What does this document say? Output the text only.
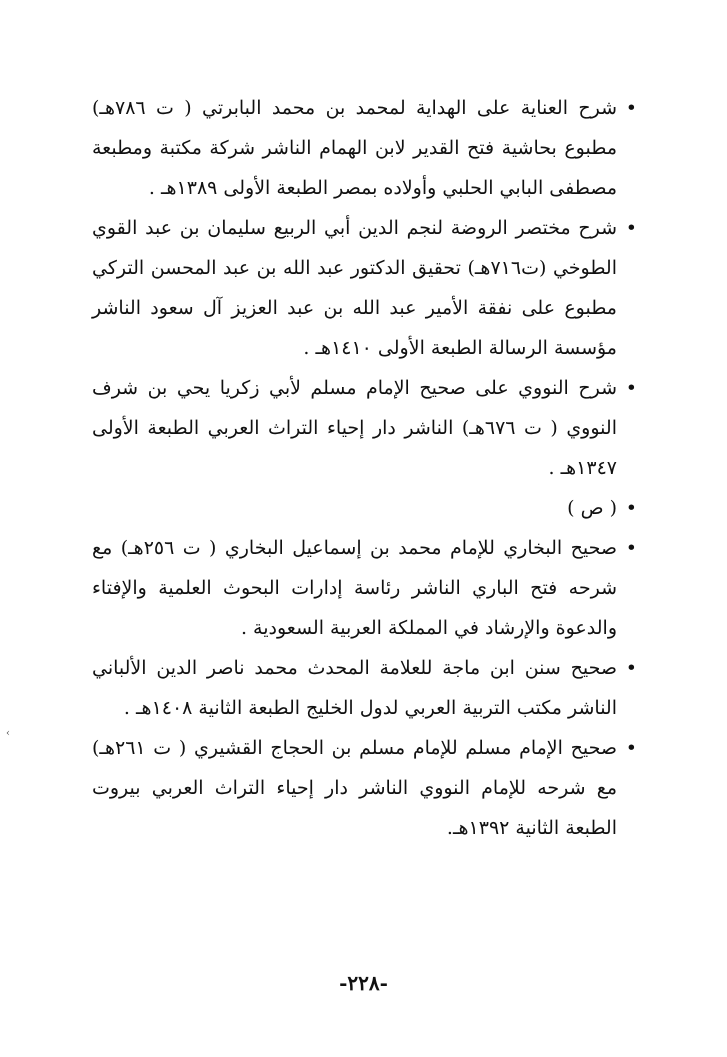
•
شرح العناية على الهداية لمحمد بن محمد البابرتي ( ت ٧٨٦هـ) مطبوع بحاشية فتح القدير لابن الهمام الناشر شركة مكتبة ومطبعة مصطفى البابي الحلبي وأولاده بمصر الطبعة الأولى ١٣٨٩هـ .

•
شرح مختصر الروضة لنجم الدين أبي الربيع سليمان بن عبد القوي الطوخي (ت٧١٦هـ) تحقيق الدكتور عبد الله بن عبد المحسن التركي مطبوع على نفقة الأمير عبد الله بن عبد العزيز آل سعود الناشر مؤسسة الرسالة الطبعة الأولى ١٤١٠هـ .

•
شرح النووي على صحيح الإمام مسلم لأبي زكريا يحي بن شرف النووي ( ت ٦٧٦هـ) الناشر دار إحياء التراث العربي الطبعة الأولى ١٣٤٧هـ .

•
( ص )

•
صحيح البخاري للإمام محمد بن إسماعيل البخاري ( ت ٢٥٦هـ) مع شرحه فتح الباري الناشر رئاسة إدارات البحوث العلمية والإفتاء والدعوة والإرشاد في المملكة العربية السعودية .

•
صحيح سنن ابن ماجة للعلامة المحدث محمد ناصر الدين الألباني الناشر مكتب التربية العربي لدول الخليج الطبعة الثانية ١٤٠٨هـ .

•
صحيح الإمام مسلم للإمام مسلم بن الحجاج القشيري ( ت ٢٦١هـ) مع شرحه للإمام النووي الناشر دار إحياء التراث العربي بيروت الطبعة الثانية ١٣٩٢هـ.

‹
-٢٢٨-
